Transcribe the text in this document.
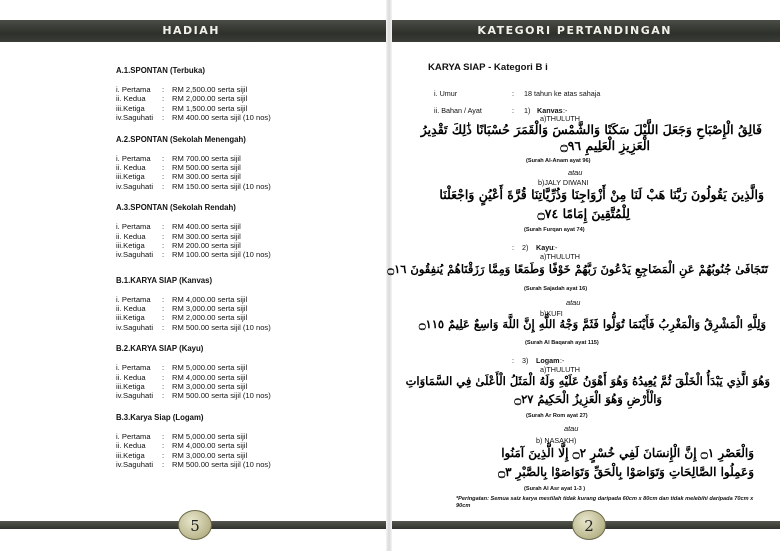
HADIAH	KATEGORI PERTANDINGAN
A.1.SPONTAN (Terbuka)
i. Pertama	:	RM 2,500.00 serta sijil
ii. Kedua	:	RM 2,000.00 serta sijil
iii.Ketiga	:	RM 1,500.00 serta sijil
iv.Saguhati	:	RM 400.00 serta sijil (10 nos)
A.2.SPONTAN (Sekolah Menengah)
i. Pertama	:	RM 700.00 serta sijil
ii. Kedua	:	RM 500.00 serta sijil
iii.Ketiga	:	RM 300.00 serta sijil
iv.Saguhati	:	RM 150.00 serta sijil (10 nos)
A.3.SPONTAN (Sekolah Rendah)
i. Pertama	:	RM 400.00 serta sijil
ii. Kedua	:	RM 300.00 serta sijil
iii.Ketiga	:	RM 200.00 serta sijil
iv.Saguhati	:	RM 100.00 serta sijil (10 nos)
B.1.KARYA SIAP (Kanvas)
i. Pertama	:	RM 4,000.00 serta sijil
ii. Kedua	:	RM 3,000.00 serta sijil
iii.Ketiga	:	RM 2,000.00 serta sijil
iv.Saguhati	:	RM 500.00 serta sijil (10 nos)
B.2.KARYA SIAP (Kayu)
i. Pertama	:	RM 5,000.00 serta sijil
ii. Kedua	:	RM 4,000.00 serta sijil
iii.Ketiga	:	RM 3,000.00 serta sijil
iv.Saguhati	:	RM 500.00 serta sijil (10 nos)
B.3.Karya Siap (Logam)
i. Pertama	:	RM 5,000.00 serta sijil
ii. Kedua	:	RM 4,000.00 serta sijil
iii.Ketiga	:	RM 3,000.00 serta sijil
iv.Saguhati	:	RM 500.00 serta sijil (10 nos)
KARYA SIAP - Kategori B i
i. Umur	: 18 tahun ke atas sahaja
ii. Bahan / Ayat	: 1) Kanvas :-
a)THULUTH
فَالِقُ الْإِصْبَاحِ وَجَعَلَ اللَّيْلَ سَكَنًا وَالشَّمْسَ وَالْقَمَرَ حُسْبَانًا ذَٰلِكَ تَقْدِيرُ
الْعَزِيزِ الْعَلِيمِ ۝٩٦
(Surah Al-Anam ayat 96)
atau
b)JALY DIWANI
وَالَّذِينَ يَقُولُونَ رَبَّنَا هَبْ لَنَا مِنْ أَزْوَاجِنَا وَذُرِّيَّاتِنَا قُرَّةَ أَعْيُنٍ وَاجْعَلْنَا
لِلْمُتَّقِينَ إِمَامًا ۝٧٤
(Surah Furqan ayat 74)
: 2) Kayu :-
a)THULUTH
تَتَجَافَىٰ جُنُوبُهُمْ عَنِ الْمَضَاجِعِ يَدْعُونَ رَبَّهُمْ خَوْفًا وَطَمَعًا وَمِمَّا رَزَقْنَاهُمْ يُنفِقُونَ ۝١٦
(Surah Sajadah ayat 16)
atau
b)KUFI
وَلِلَّهِ الْمَشْرِقُ وَالْمَغْرِبُ فَأَيْنَمَا تُوَلُّوا فَثَمَّ وَجْهُ اللَّهِ إِنَّ اللَّهَ وَاسِعٌ عَلِيمٌ ۝١١٥
(Surah Al Baqarah ayat 115)
: 3) Logam :-
a)THULUTH
وَهُوَ الَّذِي يَبْدَأُ الْخَلْقَ ثُمَّ يُعِيدُهُ وَهُوَ أَهْوَنُ عَلَيْهِ وَلَهُ الْمَثَلُ الْأَعْلَىٰ فِي السَّمَاوَاتِ
وَالْأَرْضِ وَهُوَ الْعَزِيزُ الْحَكِيمُ ۝٢٧
(Surah Ar Rom ayat 27)
atau
b) NASAKH)
وَالْعَصْرِ ۝١ إِنَّ الْإِنسَانَ لَفِي خُسْرٍ ۝٢ إِلَّا الَّذِينَ آمَنُوا
وَعَمِلُوا الصَّالِحَاتِ وَتَوَاصَوْا بِالْحَقِّ وَتَوَاصَوْا بِالصَّبْرِ ۝٣
(Surah Al Asr ayat 1-3 )
*Peringatan: Semua saiz karya mestilah tidak kurang daripada 60cm x 80cm dan tidak melebihi daripada 70cm x 90cm
5	2
